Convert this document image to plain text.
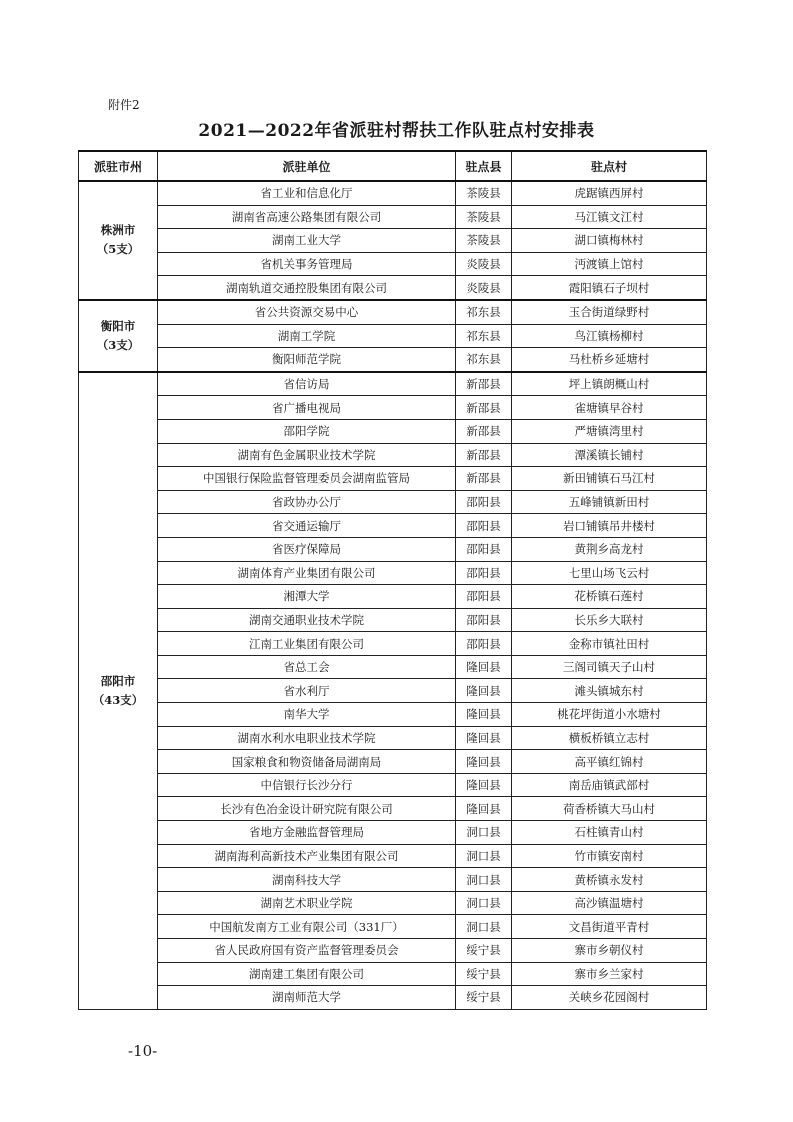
附件2
2021—2022年省派驻村帮扶工作队驻点村安排表
派驻市州	派驻单位	驻点县	驻点村

株洲市
（5支）	省工业和信息化厅	茶陵县	虎踞镇西屏村
	湖南省高速公路集团有限公司	茶陵县	马江镇文江村
	湖南工业大学	茶陵县	湖口镇梅林村
	省机关事务管理局	炎陵县	沔渡镇上馆村
	湖南轨道交通控股集团有限公司	炎陵县	霞阳镇石子坝村

衡阳市
（3支）	省公共资源交易中心	祁东县	玉合街道绿野村
	湖南工学院	祁东县	鸟江镇杨柳村
	衡阳师范学院	祁东县	马杜桥乡延塘村

邵阳市
（43支）	省信访局	新邵县	坪上镇朗概山村
	省广播电视局	新邵县	雀塘镇早谷村
	邵阳学院	新邵县	严塘镇湾里村
	湖南有色金属职业技术学院	新邵县	潭溪镇长铺村
	中国银行保险监督管理委员会湖南监管局	新邵县	新田铺镇石马江村
	省政协办公厅	邵阳县	五峰铺镇新田村
	省交通运输厅	邵阳县	岩口铺镇吊井楼村
	省医疗保障局	邵阳县	黄荆乡高龙村
	湖南体育产业集团有限公司	邵阳县	七里山场飞云村
	湘潭大学	邵阳县	花桥镇石莲村
	湖南交通职业技术学院	邵阳县	长乐乡大联村
	江南工业集团有限公司	邵阳县	金称市镇社田村
	省总工会	隆回县	三阁司镇天子山村
	省水利厅	隆回县	滩头镇城东村
	南华大学	隆回县	桃花坪街道小水塘村
	湖南水利水电职业技术学院	隆回县	横板桥镇立志村
	国家粮食和物资储备局湖南局	隆回县	高平镇红锦村
	中信银行长沙分行	隆回县	南岳庙镇武部村
	长沙有色冶金设计研究院有限公司	隆回县	荷香桥镇大马山村
	省地方金融监督管理局	洞口县	石柱镇青山村
	湖南海利高新技术产业集团有限公司	洞口县	竹市镇安南村
	湖南科技大学	洞口县	黄桥镇永发村
	湖南艺术职业学院	洞口县	高沙镇温塘村
	中国航发南方工业有限公司（331厂）	洞口县	文昌街道平青村
	省人民政府国有资产监督管理委员会	绥宁县	寨市乡朝仪村
	湖南建工集团有限公司	绥宁县	寨市乡兰家村
	湖南师范大学	绥宁县	关峡乡花园阁村
-10-
